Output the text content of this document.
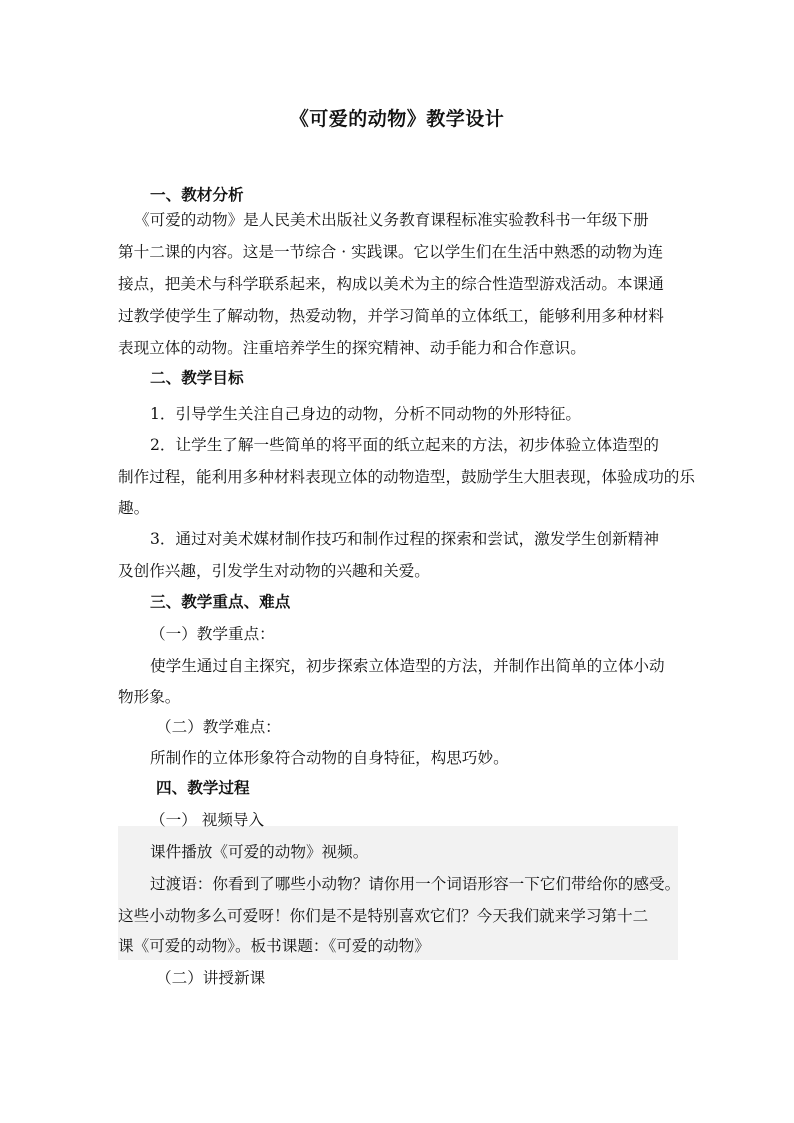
《可爱的动物》教学设计
一、教材分析
《可爱的动物》是人民美术出版社义务教育课程标准实验教科书一年级下册
第十二课的内容。这是一节综合 · 实践课。它以学生们在生活中熟悉的动物为连
接点，把美术与科学联系起来，构成以美术为主的综合性造型游戏活动。本课通
过教学使学生了解动物，热爱动物，并学习简单的立体纸工，能够利用多种材料
表现立体的动物。注重培养学生的探究精神、动手能力和合作意识。
二、教学目标
1．引导学生关注自己身边的动物，分析不同动物的外形特征。
2．让学生了解一些简单的将平面的纸立起来的方法，初步体验立体造型的
制作过程，能利用多种材料表现立体的动物造型，鼓励学生大胆表现，体验成功的乐
趣。
3．通过对美术媒材制作技巧和制作过程的探索和尝试，激发学生创新精神
及创作兴趣，引发学生对动物的兴趣和关爱。
三、教学重点、难点
（一）教学重点：
使学生通过自主探究，初步探索立体造型的方法，并制作出简单的立体小动
物形象。
（二）教学难点：
所制作的立体形象符合动物的自身特征，构思巧妙。
四、教学过程
（一） 视频导入
课件播放《可爱的动物》视频。
过渡语：你看到了哪些小动物？请你用一个词语形容一下它们带给你的感受。
这些小动物多么可爱呀！你们是不是特别喜欢它们？今天我们就来学习第十二
课《可爱的动物》。板书课题：《可爱的动物》
（二）讲授新课
